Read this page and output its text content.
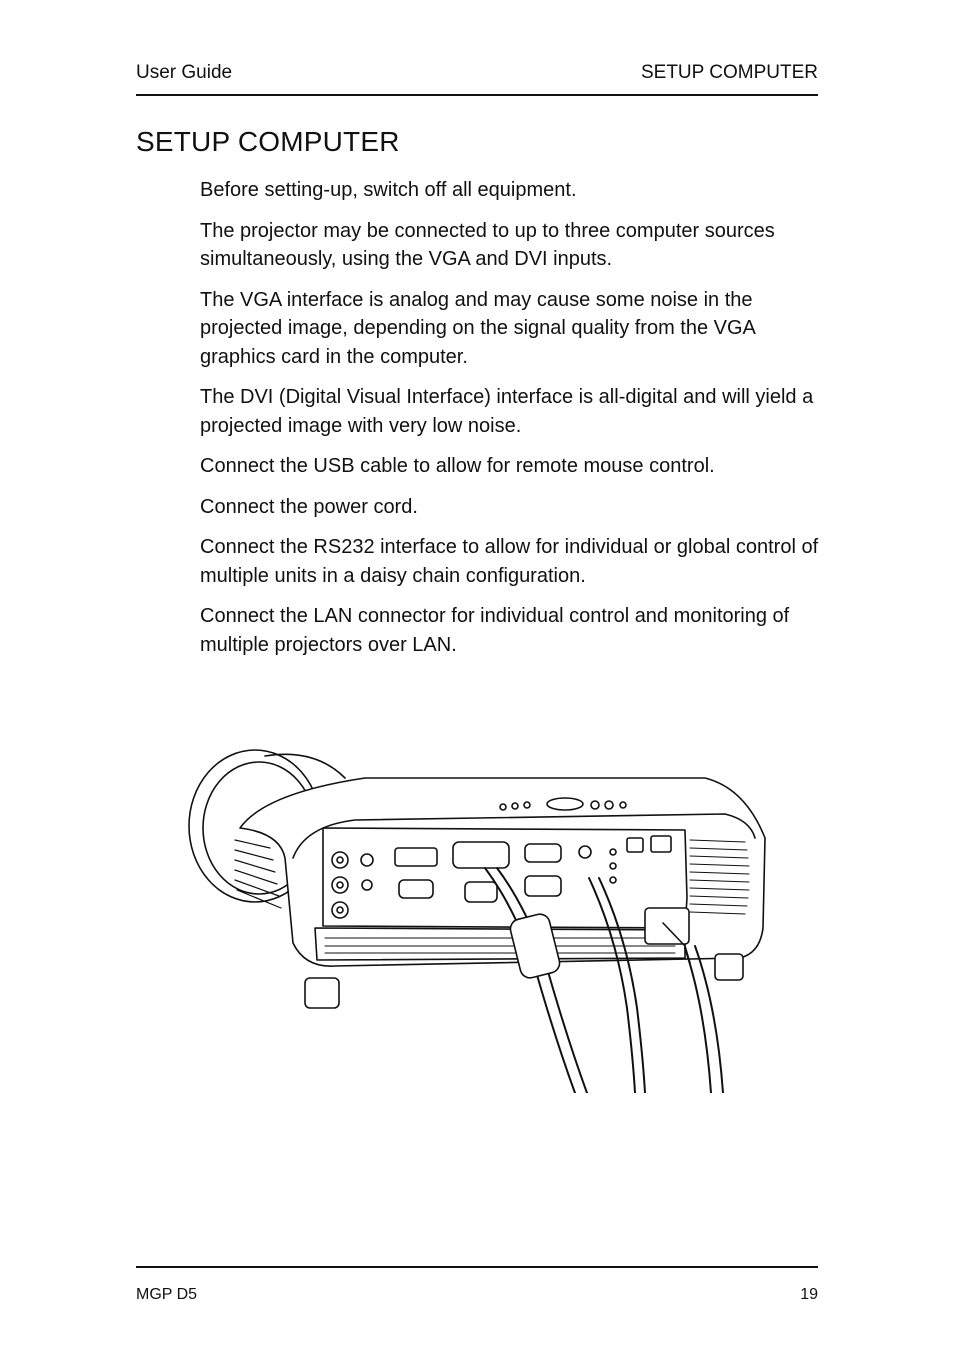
User Guide	SETUP COMPUTER
SETUP COMPUTER

Before setting-up, switch off all equipment.

The projector may be connected to up to three computer sources simultaneously, using the VGA and DVI inputs.

The VGA interface is analog and may cause some noise in the projected image, depending on the signal quality from the VGA graphics card in the computer.

The DVI (Digital Visual Interface) interface is all-digital and will yield a projected image with very low noise.

Connect the USB cable to allow for remote mouse control.

Connect the power cord.

Connect the RS232 interface to allow for individual or global control of multiple units in a daisy chain configuration.

Connect the LAN connector for individual control and monitoring of multiple projectors over LAN.

MGP D5	19
